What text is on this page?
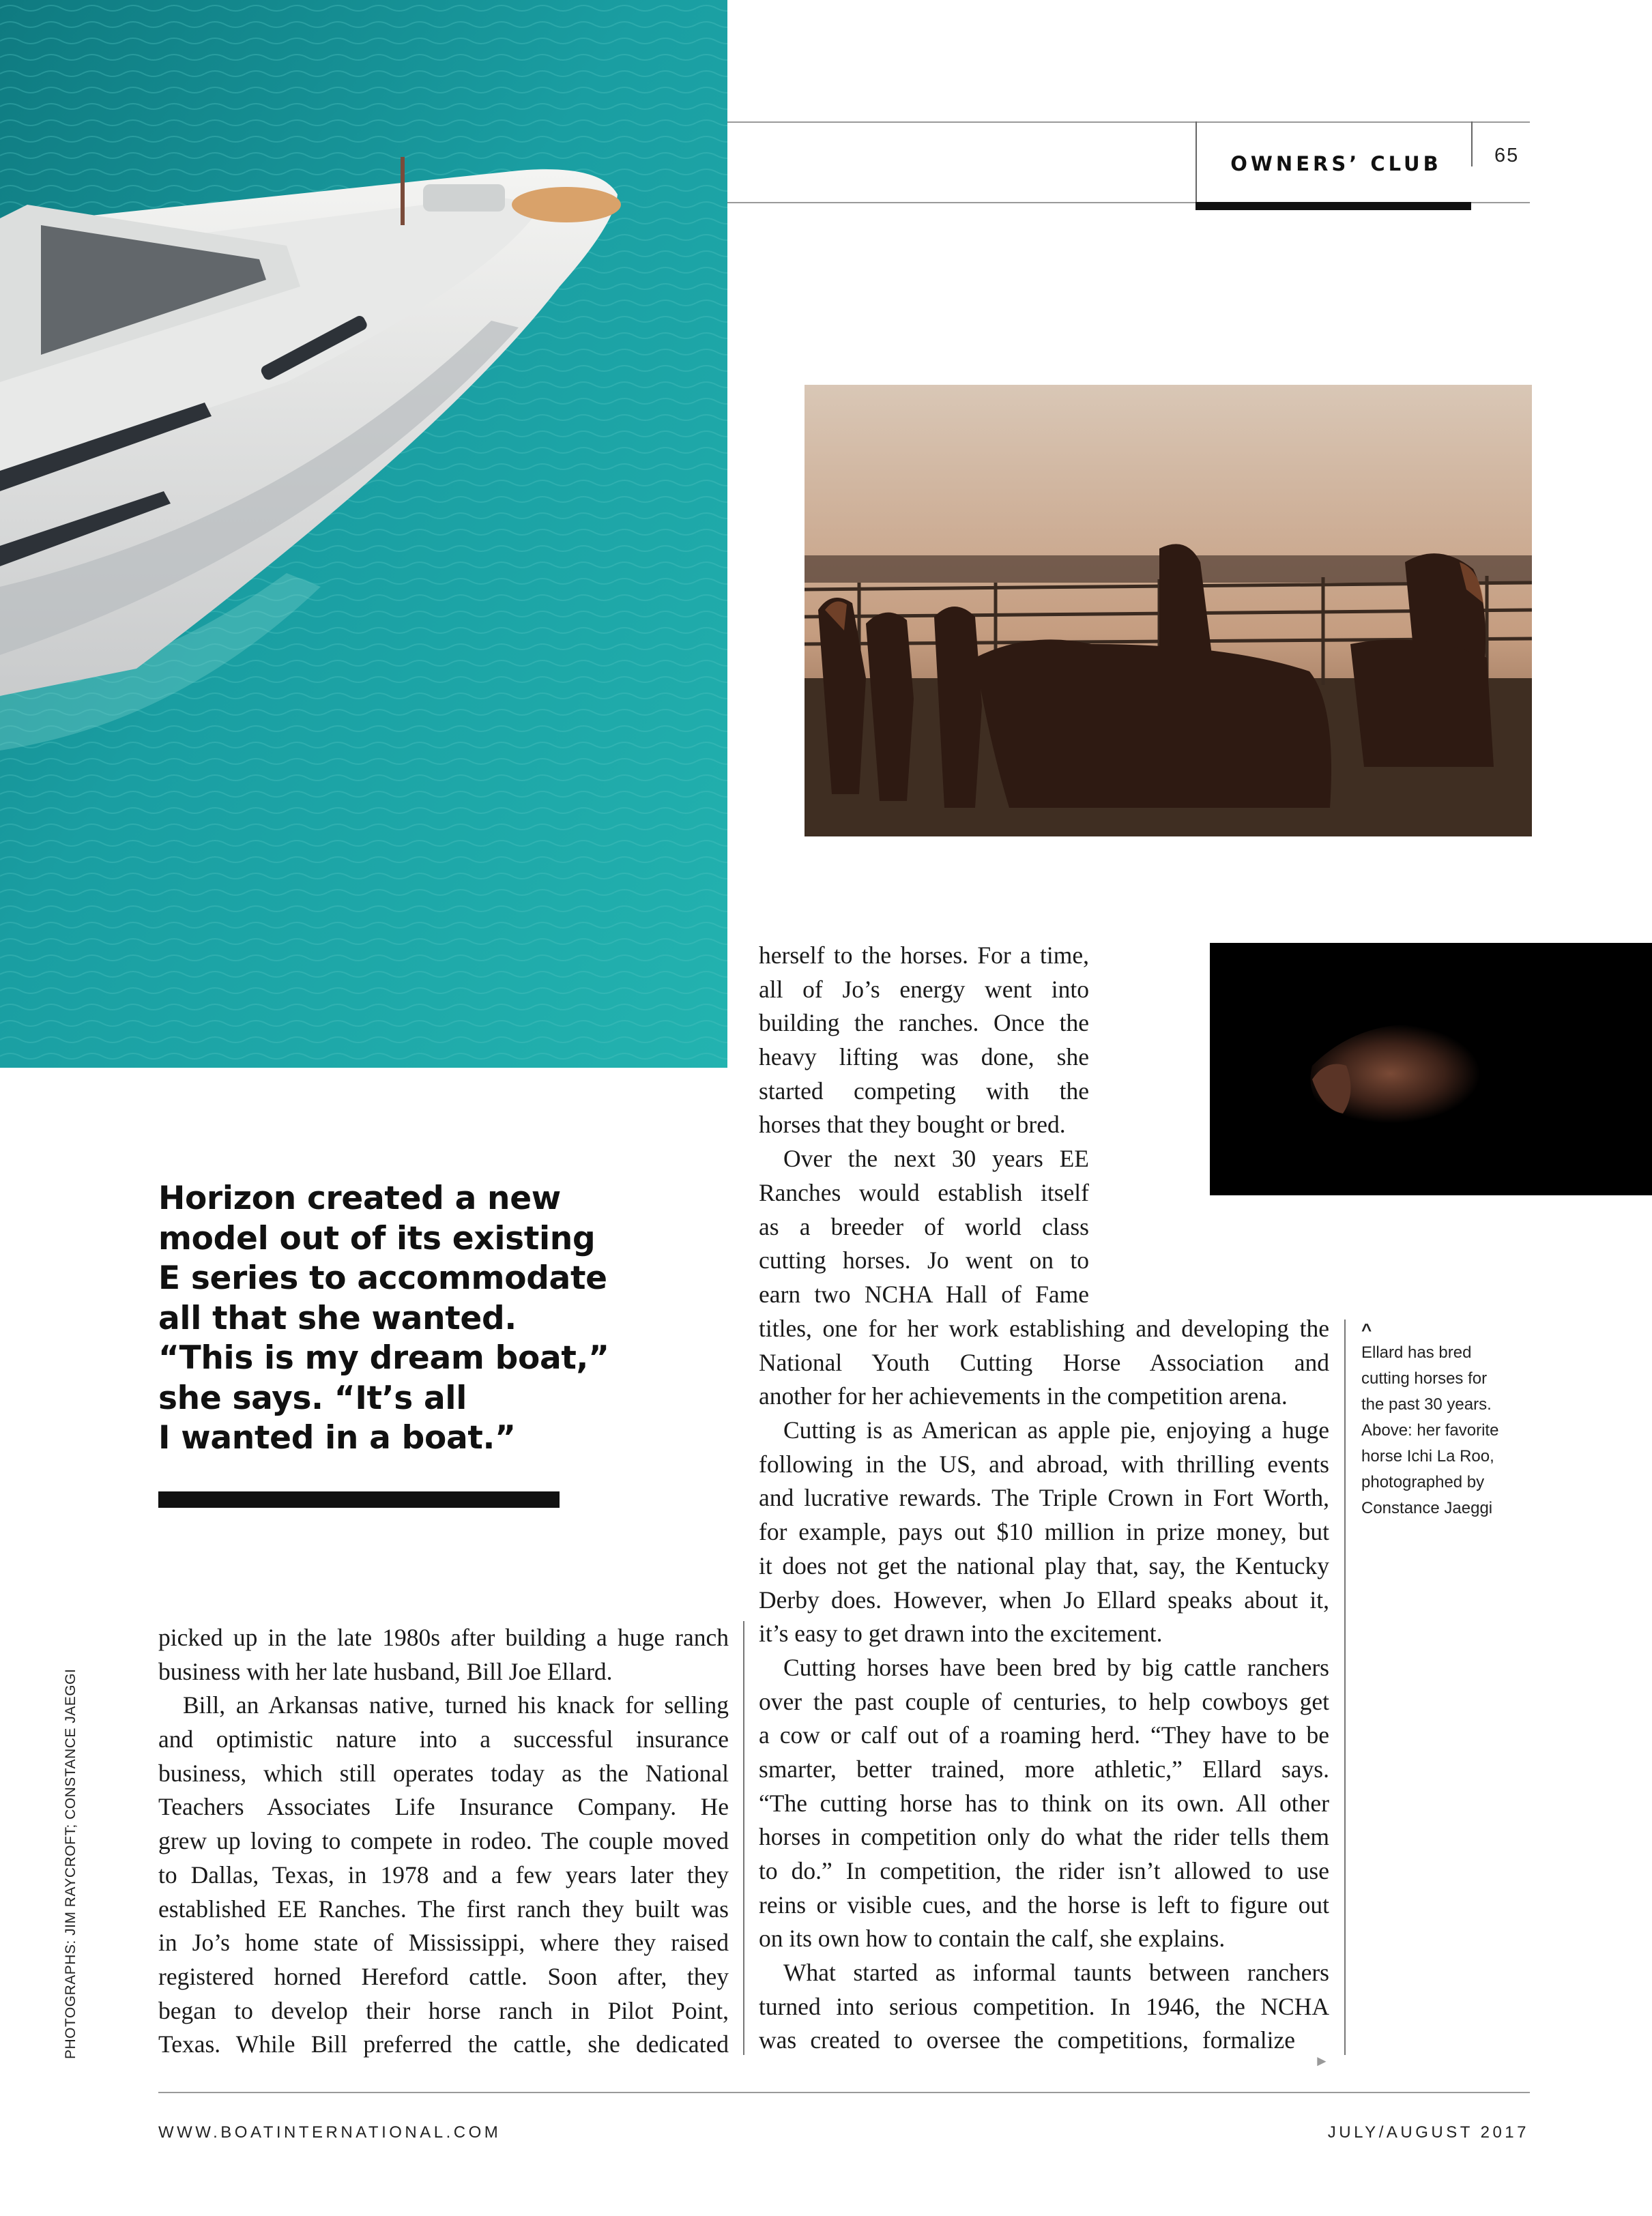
OWNERS’ CLUB	65
Horizon created a new
model out of its existing
E series to accommodate
all that she wanted.
“This is my dream boat,”
she says. “It’s all
I wanted in a boat.”
herself to the horses. For a time,
all of Jo’s energy went into
building the ranches. Once the
heavy lifting was done, she
started competing with the
horses that they bought or bred.
Over the next 30 years EE
Ranches would establish itself
as a breeder of world class
cutting horses. Jo went on to
earn two NCHA Hall of Fame
titles, one for her work establishing and developing the
National Youth Cutting Horse Association and
another for her achievements in the competition arena.
Cutting is as American as apple pie, enjoying a huge
following in the US, and abroad, with thrilling events
and lucrative rewards. The Triple Crown in Fort Worth,
for example, pays out $10 million in prize money, but
it does not get the national play that, say, the Kentucky
Derby does. However, when Jo Ellard speaks about it,
it’s easy to get drawn into the excitement.
Cutting horses have been bred by big cattle ranchers
over the past couple of centuries, to help cowboys get
a cow or calf out of a roaming herd. “They have to be
smarter, better trained, more athletic,” Ellard says.
“The cutting horse has to think on its own. All other
horses in competition only do what the rider tells them
to do.” In competition, the rider isn’t allowed to use
reins or visible cues, and the horse is left to figure out
on its own how to contain the calf, she explains.
What started as informal taunts between ranchers
turned into serious competition. In 1946, the NCHA
was created to oversee the competitions, formalize
►
picked up in the late 1980s after building a huge ranch
business with her late husband, Bill Joe Ellard.
Bill, an Arkansas native, turned his knack for selling
and optimistic nature into a successful insurance
business, which still operates today as the National
Teachers Associates Life Insurance Company. He
grew up loving to compete in rodeo. The couple moved
to Dallas, Texas, in 1978 and a few years later they
established EE Ranches. The first ranch they built was
in Jo’s home state of Mississippi, where they raised
registered horned Hereford cattle. Soon after, they
began to develop their horse ranch in Pilot Point,
Texas. While Bill preferred the cattle, she dedicated
^
Ellard has bred
cutting horses for
the past 30 years.
Above: her favorite
horse Ichi La Roo,
photographed by
Constance Jaeggi
PHOTOGRAPHS: JIM RAYCROFT; CONSTANCE JAEGGI
WWW.BOATINTERNATIONAL.COM	JULY/AUGUST 2017
